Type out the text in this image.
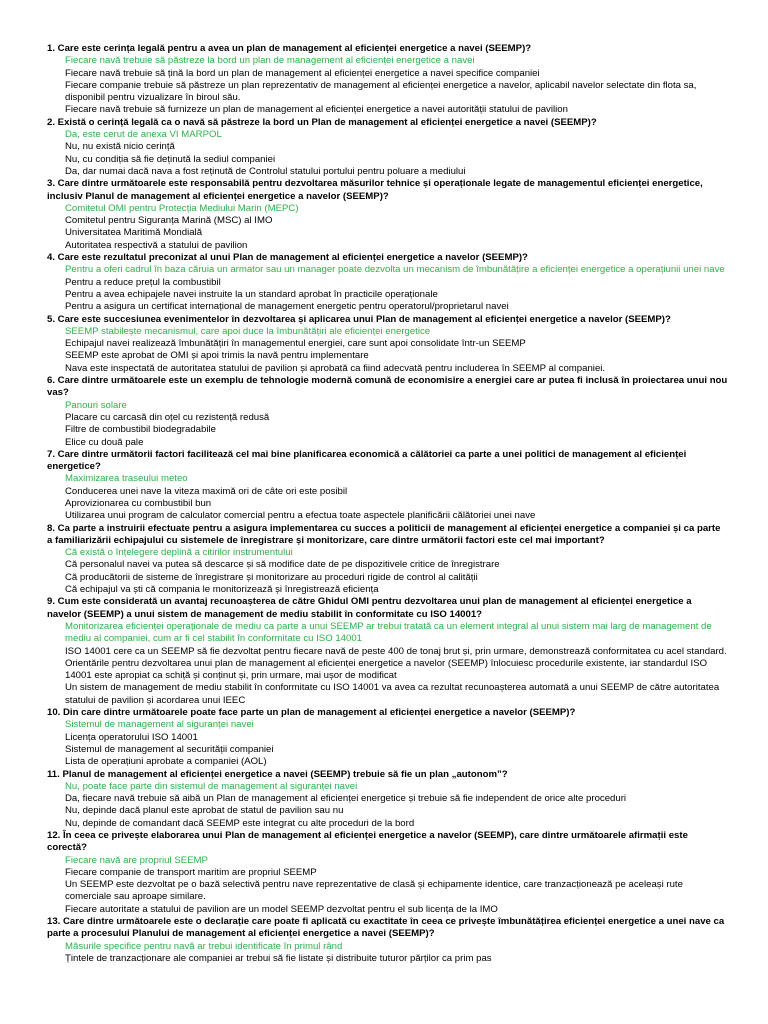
1. Care este cerința legală pentru a avea un plan de management al eficienței energetice a navei (SEEMP)?

Fiecare navă trebuie să păstreze la bord un plan de management al eficienței energetice a navei

Fiecare navă trebuie să țină la bord un plan de management al eficienței energetice a navei specifice companiei

Fiecare companie trebuie să păstreze un plan reprezentativ de management al eficienței energetice a navelor, aplicabil navelor selectate din flota sa, disponibil pentru vizualizare în biroul său.

Fiecare navă trebuie să furnizeze un plan de management al eficienței energetice a navei autorității statului de pavilion

2. Există o cerință legală ca o navă să păstreze la bord un Plan de management al eficienței energetice a navei (SEEMP)?

Da, este cerut de anexa VI MARPOL

Nu, nu există nicio cerință

Nu, cu condiția să fie deținută la sediul companiei

Da, dar numai dacă nava a fost reținută de Controlul statului portului pentru poluare a mediului

3. Care dintre următoarele este responsabilă pentru dezvoltarea măsurilor tehnice și operaționale legate de managementul eficienței energetice, inclusiv Planul de management al eficienței energetice a navelor (SEEMP)?

Comitetul OMI pentru Protecția Mediului Marin (MEPC)

Comitetul pentru Siguranța Marină (MSC) al IMO

Universitatea Maritimă Mondială

Autoritatea respectivă a statului de pavilion

4. Care este rezultatul preconizat al unui Plan de management al eficienței energetice a navelor (SEEMP)?

Pentru a oferi cadrul în baza căruia un armator sau un manager poate dezvolta un mecanism de îmbunătățire a eficienței energetice a operațiunii unei nave

Pentru a reduce prețul la combustibil

Pentru a avea echipajele navei instruite la un standard aprobat în practicile operaționale

Pentru a asigura un certificat internațional de management energetic pentru operatorul/proprietarul navei

5. Care este succesiunea evenimentelor în dezvoltarea și aplicarea unui Plan de management al eficienței energetice a navelor (SEEMP)?

SEEMP stabilește mecanismul, care apoi duce la îmbunătățiri ale eficienței energetice

Echipajul navei realizează îmbunătățiri în managementul energiei, care sunt apoi consolidate într-un SEEMP

SEEMP este aprobat de OMI și apoi trimis la navă pentru implementare

Nava este inspectată de autoritatea statului de pavilion și aprobată ca fiind adecvată pentru includerea în SEEMP al companiei.

6. Care dintre următoarele este un exemplu de tehnologie modernă comună de economisire a energiei care ar putea fi inclusă în proiectarea unui nou vas?

Panouri solare

Placare cu carcasă din oțel cu rezistență redusă

Filtre de combustibil biodegradabile

Elice cu două pale

7. Care dintre următorii factori facilitează cel mai bine planificarea economică a călătoriei ca parte a unei politici de management al eficienței energetice?

Maximizarea traseului meteo

Conducerea unei nave la viteza maximă ori de câte ori este posibil

Aprovizionarea cu combustibil bun

Utilizarea unui program de calculator comercial pentru a efectua toate aspectele planificării călătoriei unei nave

8. Ca parte a instruirii efectuate pentru a asigura implementarea cu succes a politicii de management al eficienței energetice a companiei și ca parte a familiarizării echipajului cu sistemele de înregistrare și monitorizare, care dintre următorii factori este cel mai important?

Că există o înțelegere deplină a citirilor instrumentului

Că personalul navei va putea să descarce și să modifice date de pe dispozitivele critice de înregistrare

Că producătorii de sisteme de înregistrare și monitorizare au proceduri rigide de control al calității

Că echipajul va ști că compania le monitorizează și înregistrează eficiența

9. Cum este considerată un avantaj recunoașterea de către Ghidul OMI pentru dezvoltarea unui plan de management al eficienței energetice a navelor (SEEMP) a unui sistem de management de mediu stabilit în conformitate cu ISO 14001?

Monitorizarea eficienței operaționale de mediu ca parte a unui SEEMP ar trebui tratată ca un element integral al unui sistem mai larg de management de mediu al companiei, cum ar fi cel stabilit în conformitate cu ISO 14001

ISO 14001 cere ca un SEEMP să fie dezvoltat pentru fiecare navă de peste 400 de tonaj brut și, prin urmare, demonstrează conformitatea cu acel standard.

Orientările pentru dezvoltarea unui plan de management al eficienței energetice a navelor (SEEMP) înlocuiesc procedurile existente, iar standardul ISO 14001 este apropiat ca schiță și conținut și, prin urmare, mai ușor de modificat

Un sistem de management de mediu stabilit în conformitate cu ISO 14001 va avea ca rezultat recunoașterea automată a unui SEEMP de către autoritatea statului de pavilion și acordarea unui IEEC

10. Din care dintre următoarele poate face parte un plan de management al eficienței energetice a navelor (SEEMP)?

Sistemul de management al siguranței navei

Licența operatorului ISO 14001

Sistemul de management al securității companiei

Lista de operațiuni aprobate a companiei (AOL)

11. Planul de management al eficienței energetice a navei (SEEMP) trebuie să fie un plan „autonom”?

Nu, poate face parte din sistemul de management al siguranței navei

Da, fiecare navă trebuie să aibă un Plan de management al eficienței energetice și trebuie să fie independent de orice alte proceduri

Nu, depinde dacă planul este aprobat de statul de pavilion sau nu

Nu, depinde de comandant dacă SEEMP este integrat cu alte proceduri de la bord

12. În ceea ce privește elaborarea unui Plan de management al eficienței energetice a navelor (SEEMP), care dintre următoarele afirmații este corectă?

Fiecare navă are propriul SEEMP

Fiecare companie de transport maritim are propriul SEEMP

Un SEEMP este dezvoltat pe o bază selectivă pentru nave reprezentative de clasă și echipamente identice, care tranzacționează pe aceleași rute comerciale sau aproape similare.

Fiecare autoritate a statului de pavilion are un model SEEMP dezvoltat pentru el sub licența de la IMO

13. Care dintre următoarele este o declarație care poate fi aplicată cu exactitate în ceea ce privește îmbunătățirea eficienței energetice a unei nave ca parte a procesului Planului de management al eficienței energetice a navei (SEEMP)?

Măsurile specifice pentru navă ar trebui identificate în primul rând

Țintele de tranzacționare ale companiei ar trebui să fie listate și distribuite tuturor părților ca prim pas
